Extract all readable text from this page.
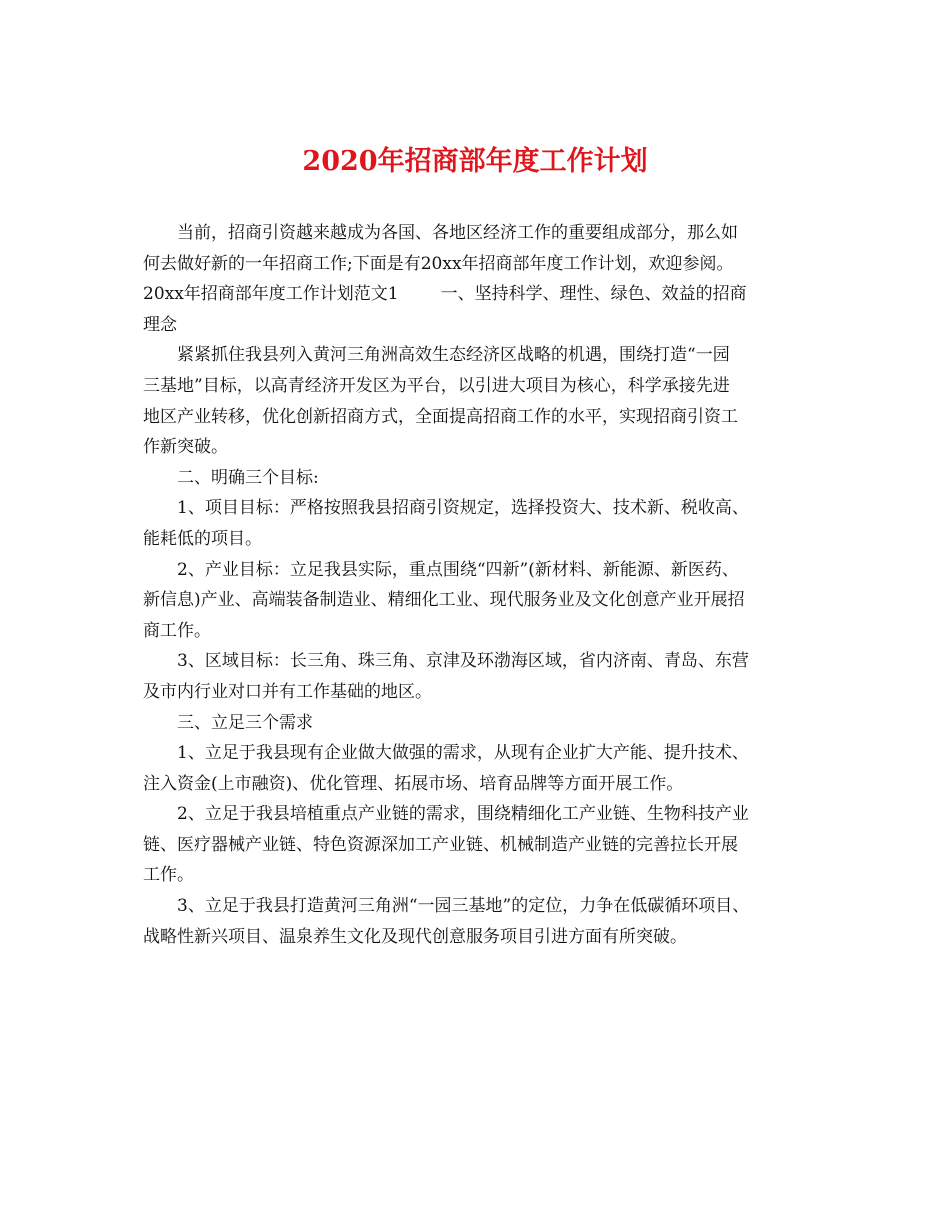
2020年招商部年度工作计划

当前，招商引资越来越成为各国、各地区经济工作的重要组成部分，那么如

何去做好新的一年招商工作;下面是有20xx年招商部年度工作计划，欢迎参阅。

20xx年招商部年度工作计划范文1 一、坚持科学、理性、绿色、效益的招商

理念

紧紧抓住我县列入黄河三角洲高效生态经济区战略的机遇，围绕打造“一园

三基地”目标，以高青经济开发区为平台，以引进大项目为核心，科学承接先进

地区产业转移，优化创新招商方式，全面提高招商工作的水平，实现招商引资工

作新突破。

二、明确三个目标:

1、项目目标：严格按照我县招商引资规定，选择投资大、技术新、税收高、

能耗低的项目。

2、产业目标：立足我县实际，重点围绕“四新”(新材料、新能源、新医药、

新信息)产业、高端装备制造业、精细化工业、现代服务业及文化创意产业开展招

商工作。

3、区域目标：长三角、珠三角、京津及环渤海区域，省内济南、青岛、东营

及市内行业对口并有工作基础的地区。

三、立足三个需求

1、立足于我县现有企业做大做强的需求，从现有企业扩大产能、提升技术、

注入资金(上市融资)、优化管理、拓展市场、培育品牌等方面开展工作。

2、立足于我县培植重点产业链的需求，围绕精细化工产业链、生物科技产业

链、医疗器械产业链、特色资源深加工产业链、机械制造产业链的完善拉长开展

工作。

3、立足于我县打造黄河三角洲“一园三基地”的定位，力争在低碳循环项目、

战略性新兴项目、温泉养生文化及现代创意服务项目引进方面有所突破。
